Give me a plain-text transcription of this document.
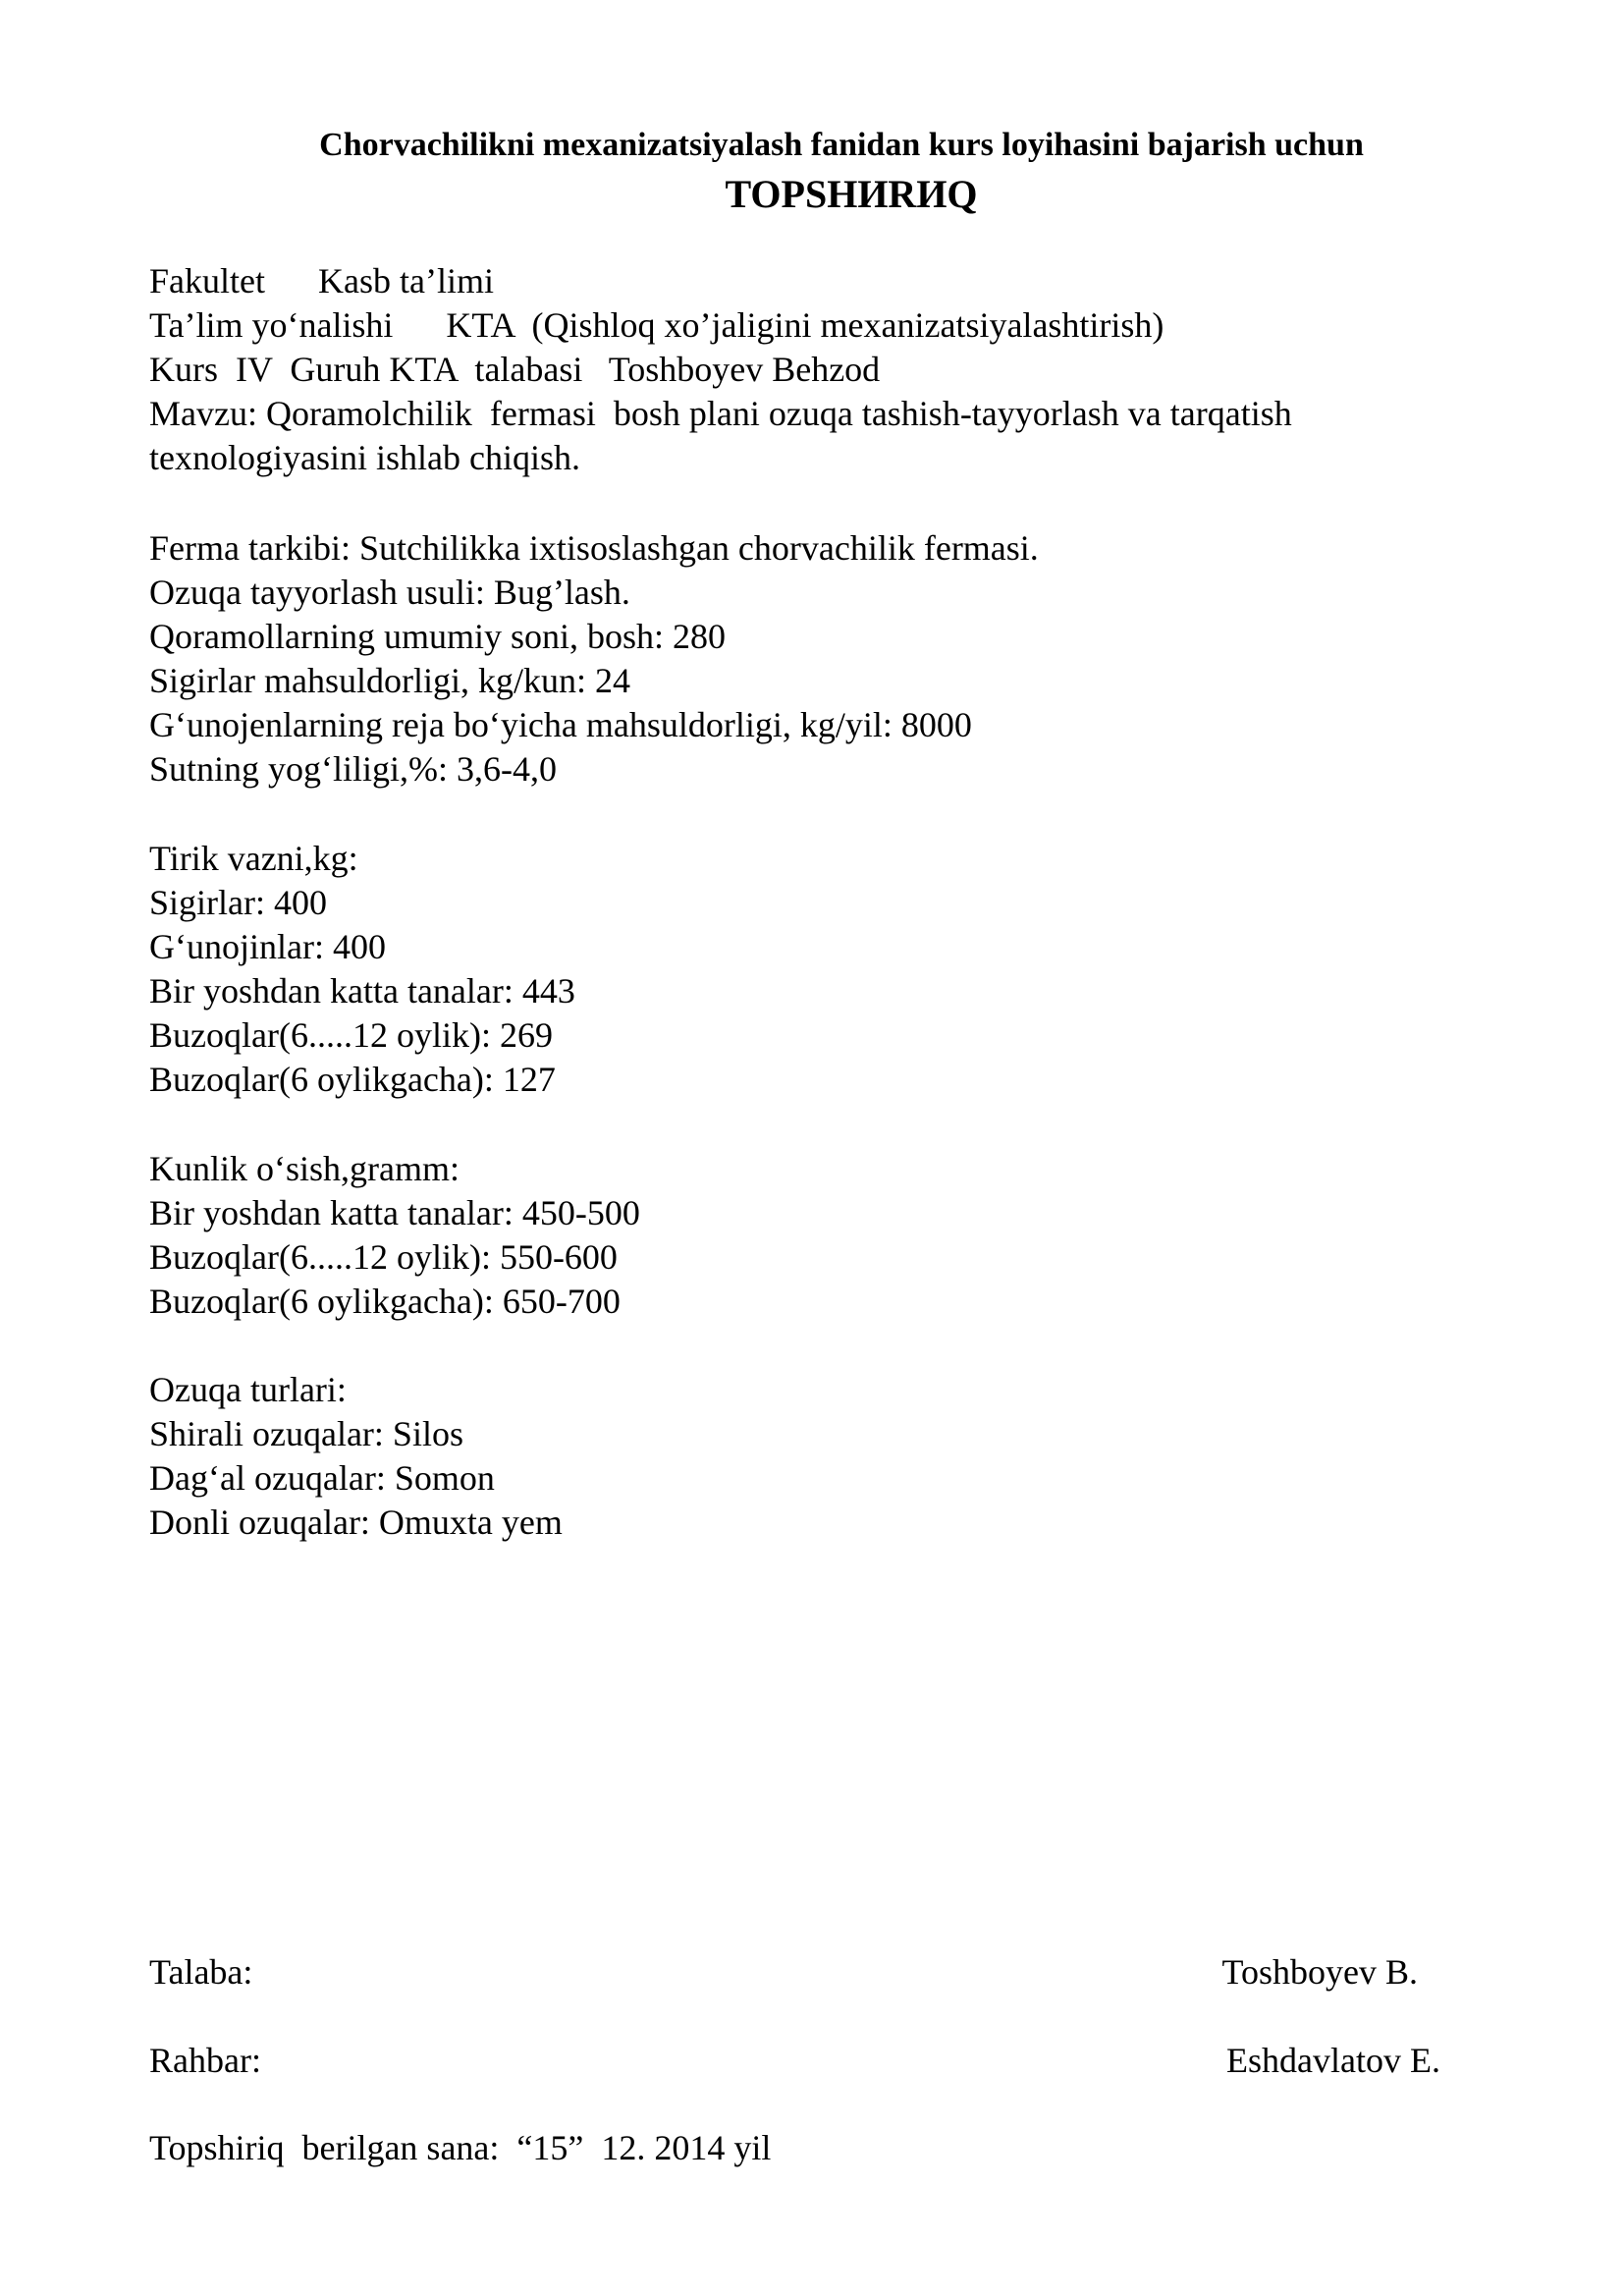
Chorvachilikni mexanizatsiyalash fanidan kurs loyihasini bajarish uchun
TOPSHИRИQ
Fakultet      Kasb ta’limi
Ta’lim yo‘nalishi      KTA  (Qishloq xo’jaligini mexanizatsiyalashtirish)
Kurs  IV  Guruh KTA  talabasi   Toshboyev Behzod
Mavzu: Qoramolchilik  fermasi  bosh plani ozuqa tashish-tayyorlash va tarqatish
texnologiyasini ishlab chiqish.
Ferma tarkibi: Sutchilikka ixtisoslashgan chorvachilik fermasi.
Ozuqa tayyorlash usuli: Bug’lash.
Qoramollarning umumiy soni, bosh: 280
Sigirlar mahsuldorligi, kg/kun: 24
G‘unojenlarning reja bo‘yicha mahsuldorligi, kg/yil: 8000
Sutning yog‘liligi,%: 3,6-4,0
Tirik vazni,kg:
Sigirlar: 400
G‘unojinlar: 400
Bir yoshdan katta tanalar: 443
Buzoqlar(6.....12 oylik): 269
Buzoqlar(6 oylikgacha): 127
Kunlik o‘sish,gramm:
Bir yoshdan katta tanalar: 450-500
Buzoqlar(6.....12 oylik): 550-600
Buzoqlar(6 oylikgacha): 650-700
Ozuqa turlari:
Shirali ozuqalar: Silos
Dag‘al ozuqalar: Somon
Donli ozuqalar: Omuxta yem
Talaba:	Toshboyev B.
Rahbar:	Eshdavlatov E.
Topshiriq  berilgan sana:  “15”  12. 2014 yil
